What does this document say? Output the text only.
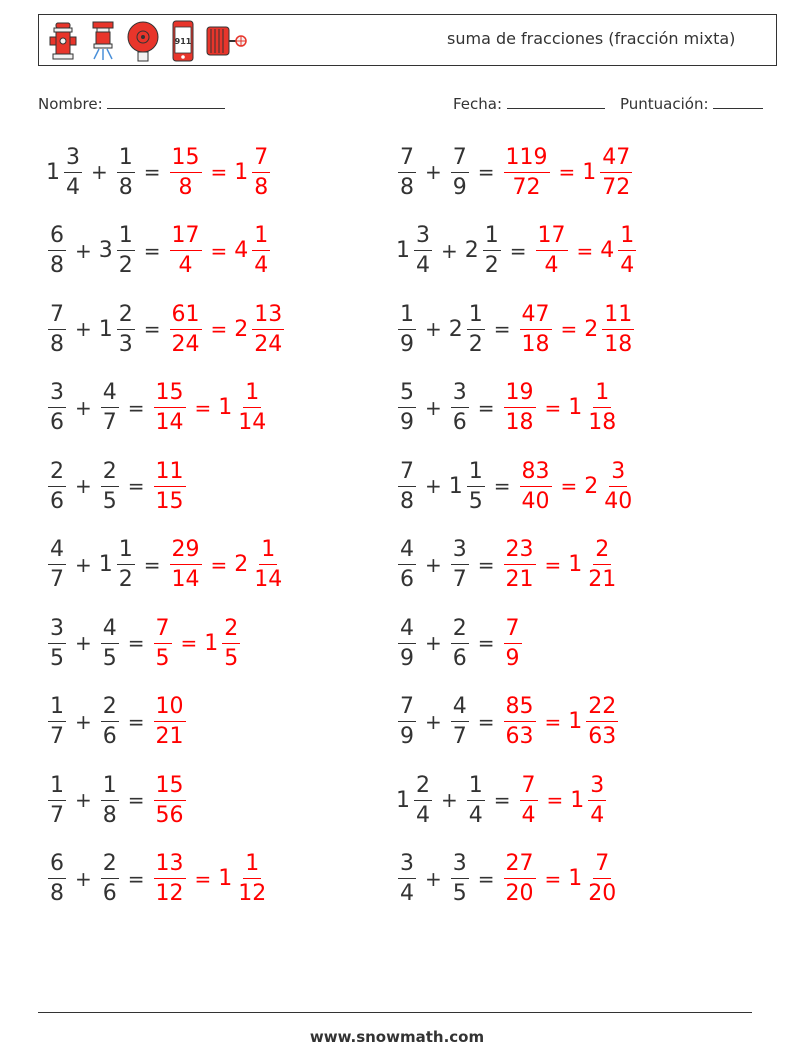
911	suma de fracciones (fracción mixta)
Nombre:	Fecha:	Puntuación:
$1 \frac{3}{4} + \frac{1}{8} = \frac{15}{8} = 1 \frac{7}{8}$
$\frac{6}{8} + 3 \frac{1}{2} = \frac{17}{4} = 4 \frac{1}{4}$
$\frac{7}{8} + 1 \frac{2}{3} = \frac{61}{24} = 2 \frac{13}{24}$
$\frac{3}{6} + \frac{4}{7} = \frac{15}{14} = 1 \frac{1}{14}$
$\frac{2}{6} + \frac{2}{5} = \frac{11}{15}$
$\frac{4}{7} + 1 \frac{1}{2} = \frac{29}{14} = 2 \frac{1}{14}$
$\frac{3}{5} + \frac{4}{5} = \frac{7}{5} = 1 \frac{2}{5}$
$\frac{1}{7} + \frac{2}{6} = \frac{10}{21}$
$\frac{1}{7} + \frac{1}{8} = \frac{15}{56}$
$\frac{6}{8} + \frac{2}{6} = \frac{13}{12} = 1 \frac{1}{12}$
$\frac{7}{8} + \frac{7}{9} = \frac{119}{72} = 1 \frac{47}{72}$
$1 \frac{3}{4} + 2 \frac{1}{2} = \frac{17}{4} = 4 \frac{1}{4}$
$\frac{1}{9} + 2 \frac{1}{2} = \frac{47}{18} = 2 \frac{11}{18}$
$\frac{5}{9} + \frac{3}{6} = \frac{19}{18} = 1 \frac{1}{18}$
$\frac{7}{8} + 1 \frac{1}{5} = \frac{83}{40} = 2 \frac{3}{40}$
$\frac{4}{6} + \frac{3}{7} = \frac{23}{21} = 1 \frac{2}{21}$
$\frac{4}{9} + \frac{2}{6} = \frac{7}{9}$
$\frac{7}{9} + \frac{4}{7} = \frac{85}{63} = 1 \frac{22}{63}$
$1 \frac{2}{4} + \frac{1}{4} = \frac{7}{4} = 1 \frac{3}{4}$
$\frac{3}{4} + \frac{3}{5} = \frac{27}{20} = 1 \frac{7}{20}$
www.snowmath.com
